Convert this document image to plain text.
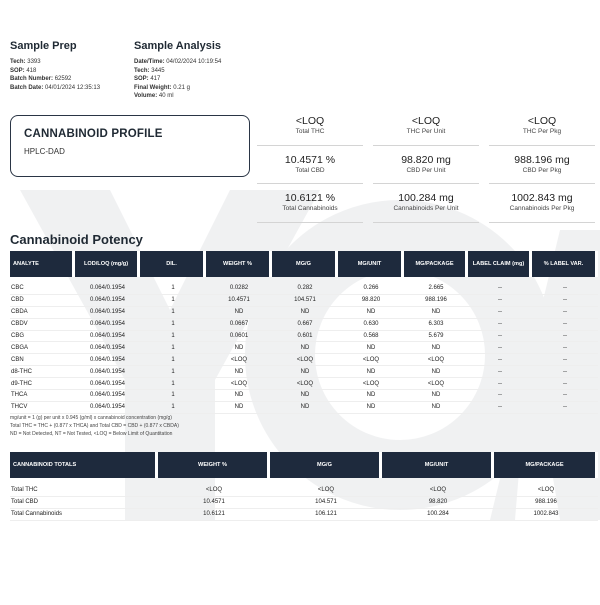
Sample Prep
Tech: 3393
SOP: 418
Batch Number: 62592
Batch Date: 04/01/2024 12:35:13
Sample Analysis
Date/Time: 04/02/2024 10:19:54
Tech: 3445
SOP: 417
Final Weight: 0.21 g
Volume: 40 ml
CANNABINOID PROFILE
HPLC-DAD
<LOQ
Total THC
<LOQ
THC Per Unit
<LOQ
THC Per Pkg
10.4571 %
Total CBD
98.820 mg
CBD Per Unit
988.196 mg
CBD Per Pkg
10.6121 %
Total Cannabinoids
100.284 mg
Cannabinoids Per Unit
1002.843 mg
Cannabinoids Per Pkg
Cannabinoid Potency
ANALYTE	LOD/LOQ (mg/g)	DIL.	WEIGHT %	MG/G	MG/UNIT	MG/PACKAGE	LABEL CLAIM (mg)	% LABEL VAR.

CBC	0.064/0.1954	1	0.0282	0.282	0.266	2.665	--	--
CBD	0.064/0.1954	1	10.4571	104.571	98.820	988.196	--	--
CBDA	0.064/0.1954	1	ND	ND	ND	ND	--	--
CBDV	0.064/0.1954	1	0.0667	0.667	0.630	6.303	--	--
CBG	0.064/0.1954	1	0.0601	0.601	0.568	5.679	--	--
CBGA	0.064/0.1954	1	ND	ND	ND	ND	--	--
CBN	0.064/0.1954	1	<LOQ	<LOQ	<LOQ	<LOQ	--	--
d8-THC	0.064/0.1954	1	ND	ND	ND	ND	--	--
d9-THC	0.064/0.1954	1	<LOQ	<LOQ	<LOQ	<LOQ	--	--
THCA	0.064/0.1954	1	ND	ND	ND	ND	--	--
THCV	0.064/0.1954	1	ND	ND	ND	ND	--	--
mg/unit = 1 (g) per unit x 0.945 (g/ml) x cannabinoid concentration (mg/g)
Total THC = THC + (0.877 x THCA) and Total CBD = CBD + (0.877 x CBDA)
ND = Not Detected, NT = Not Tested, <LOQ = Below Limit of Quantitation
CANNABINOID TOTALS	WEIGHT %	MG/G	MG/UNIT	MG/PACKAGE

Total THC	<LOQ	<LOQ	<LOQ	<LOQ
Total CBD	10.4571	104.571	98.820	988.196
Total Cannabinoids	10.6121	106.121	100.284	1002.843
